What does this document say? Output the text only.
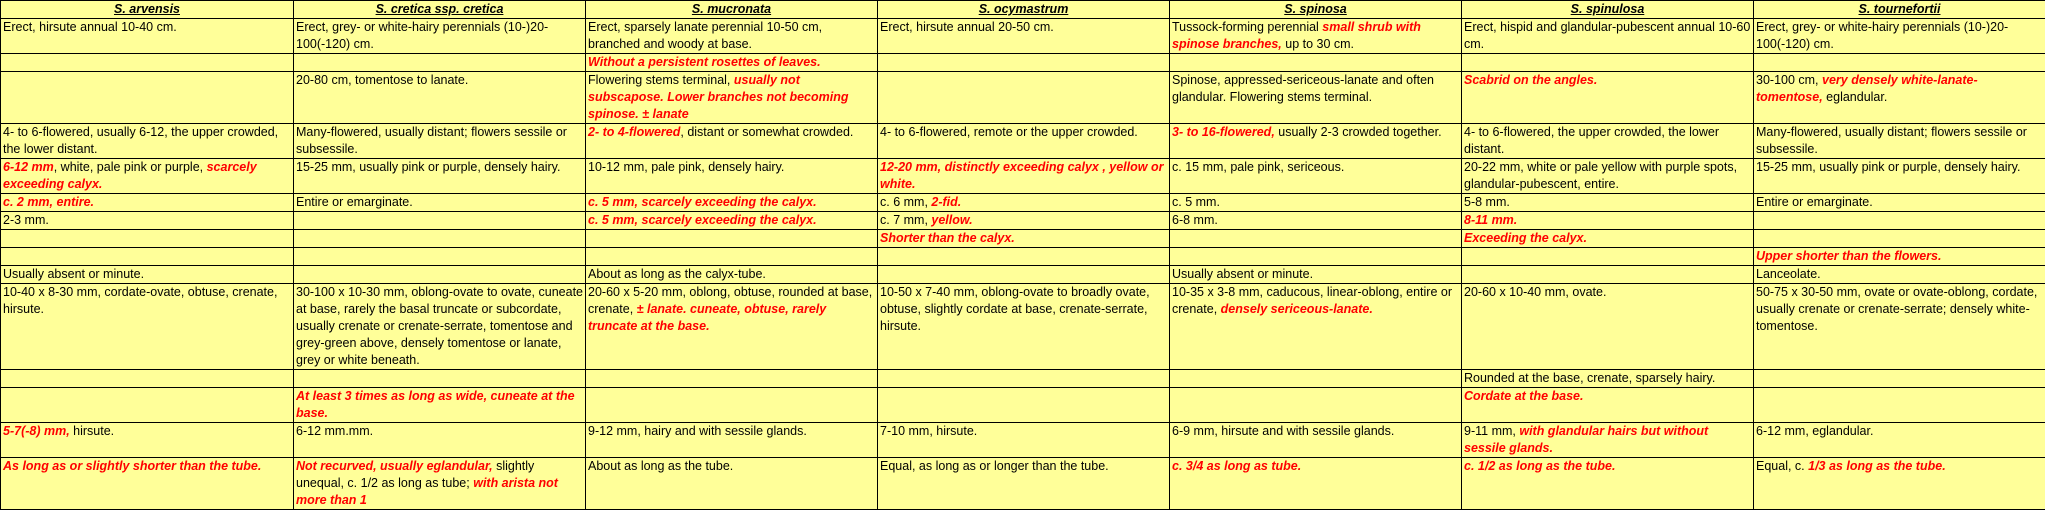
S. arvensis	S. cretica ssp. cretica	S. mucronata	S. ocymastrum	S. spinosa	S. spinulosa	S. tournefortii
Erect, hirsute annual 10-40 cm.	Erect, grey- or white-hairy perennials (10-)20-100(-120) cm.	Erect, sparsely lanate perennial 10-50 cm, branched and woody at base.	Erect, hirsute annual 20-50 cm.	Tussock-forming perennial small shrub with spinose branches, up to 30 cm.	Erect, hispid and glandular-pubescent annual 10-60 cm.	Erect, grey- or white-hairy perennials (10-)20-100(-120) cm.
		Without a persistent rosettes of leaves.				
	20-80 cm, tomentose to lanate.	Flowering stems terminal, usually not subscapose. Lower branches not becoming spinose. ± lanate		Spinose, appressed-sericeous-lanate and often glandular. Flowering stems terminal.	Scabrid on the angles.	30-100 cm, very densely white-lanate-tomentose, eglandular.
4- to 6-flowered, usually 6-12, the upper crowded, the lower distant.	Many-flowered, usually distant; flowers sessile or subsessile.	2- to 4-flowered, distant or somewhat crowded.	4- to 6-flowered, remote or the upper crowded.	3- to 16-flowered, usually 2-3 crowded together.	4- to 6-flowered, the upper crowded, the lower distant.	Many-flowered, usually distant; flowers sessile or subsessile.
6-12 mm, white, pale pink or purple, scarcely exceeding calyx.	15-25 mm, usually pink or purple, densely hairy.	10-12 mm, pale pink, densely hairy.	12-20 mm, distinctly exceeding calyx , yellow or white.	c. 15 mm, pale pink, sericeous.	20-22 mm, white or pale yellow with purple spots, glandular-pubescent, entire.	15-25 mm, usually pink or purple, densely hairy.
c. 2 mm, entire.	Entire or emarginate.	c. 5 mm, scarcely exceeding the calyx.	c. 6 mm, 2-fid.	c. 5 mm.	5-8 mm.	Entire or emarginate.
2-3 mm.		c. 5 mm, scarcely exceeding the calyx.	c. 7 mm, yellow.	6-8 mm.	8-11 mm.	
			Shorter than the calyx.		Exceeding the calyx.	
						Upper shorter than the flowers.
Usually absent or minute.		About as long as the calyx-tube.		Usually absent or minute.		Lanceolate.
10-40 x 8-30 mm, cordate-ovate, obtuse, crenate, hirsute.	30-100 x 10-30 mm, oblong-ovate to ovate, cuneate at base, rarely the basal truncate or subcordate, usually crenate or crenate-serrate, tomentose and grey-green above, densely tomentose or lanate, grey or white beneath.	20-60 x 5-20 mm, oblong, obtuse, rounded at base, crenate, ± lanate. cuneate, obtuse, rarely truncate at the base.	10-50 x 7-40 mm, oblong-ovate to broadly ovate, obtuse, slightly cordate at base, crenate-serrate, hirsute.	10-35 x 3-8 mm, caducous, linear-oblong, entire or crenate, densely sericeous-lanate.	20-60 x 10-40 mm, ovate.	50-75 x 30-50 mm, ovate or ovate-oblong, cordate, usually crenate or crenate-serrate; densely white-tomentose.
					Rounded at the base, crenate, sparsely hairy.	
	At least 3 times as long as wide, cuneate at the base.				Cordate at the base.	
5-7(-8) mm, hirsute.	6-12 mm.mm.	9-12 mm, hairy and with sessile glands.	7-10 mm, hirsute.	6-9 mm, hirsute and with sessile glands.	9-11 mm, with glandular hairs but without sessile glands.	6-12 mm, eglandular.
As long as or slightly shorter than the tube.	Not recurved, usually eglandular, slightly unequal, c. 1/2 as long as tube; with arista not more than 1	About as long as the tube.	Equal, as long as or longer than the tube.	c. 3/4 as long as tube.	c. 1/2 as long as the tube.	Equal, c. 1/3 as long as the tube.
